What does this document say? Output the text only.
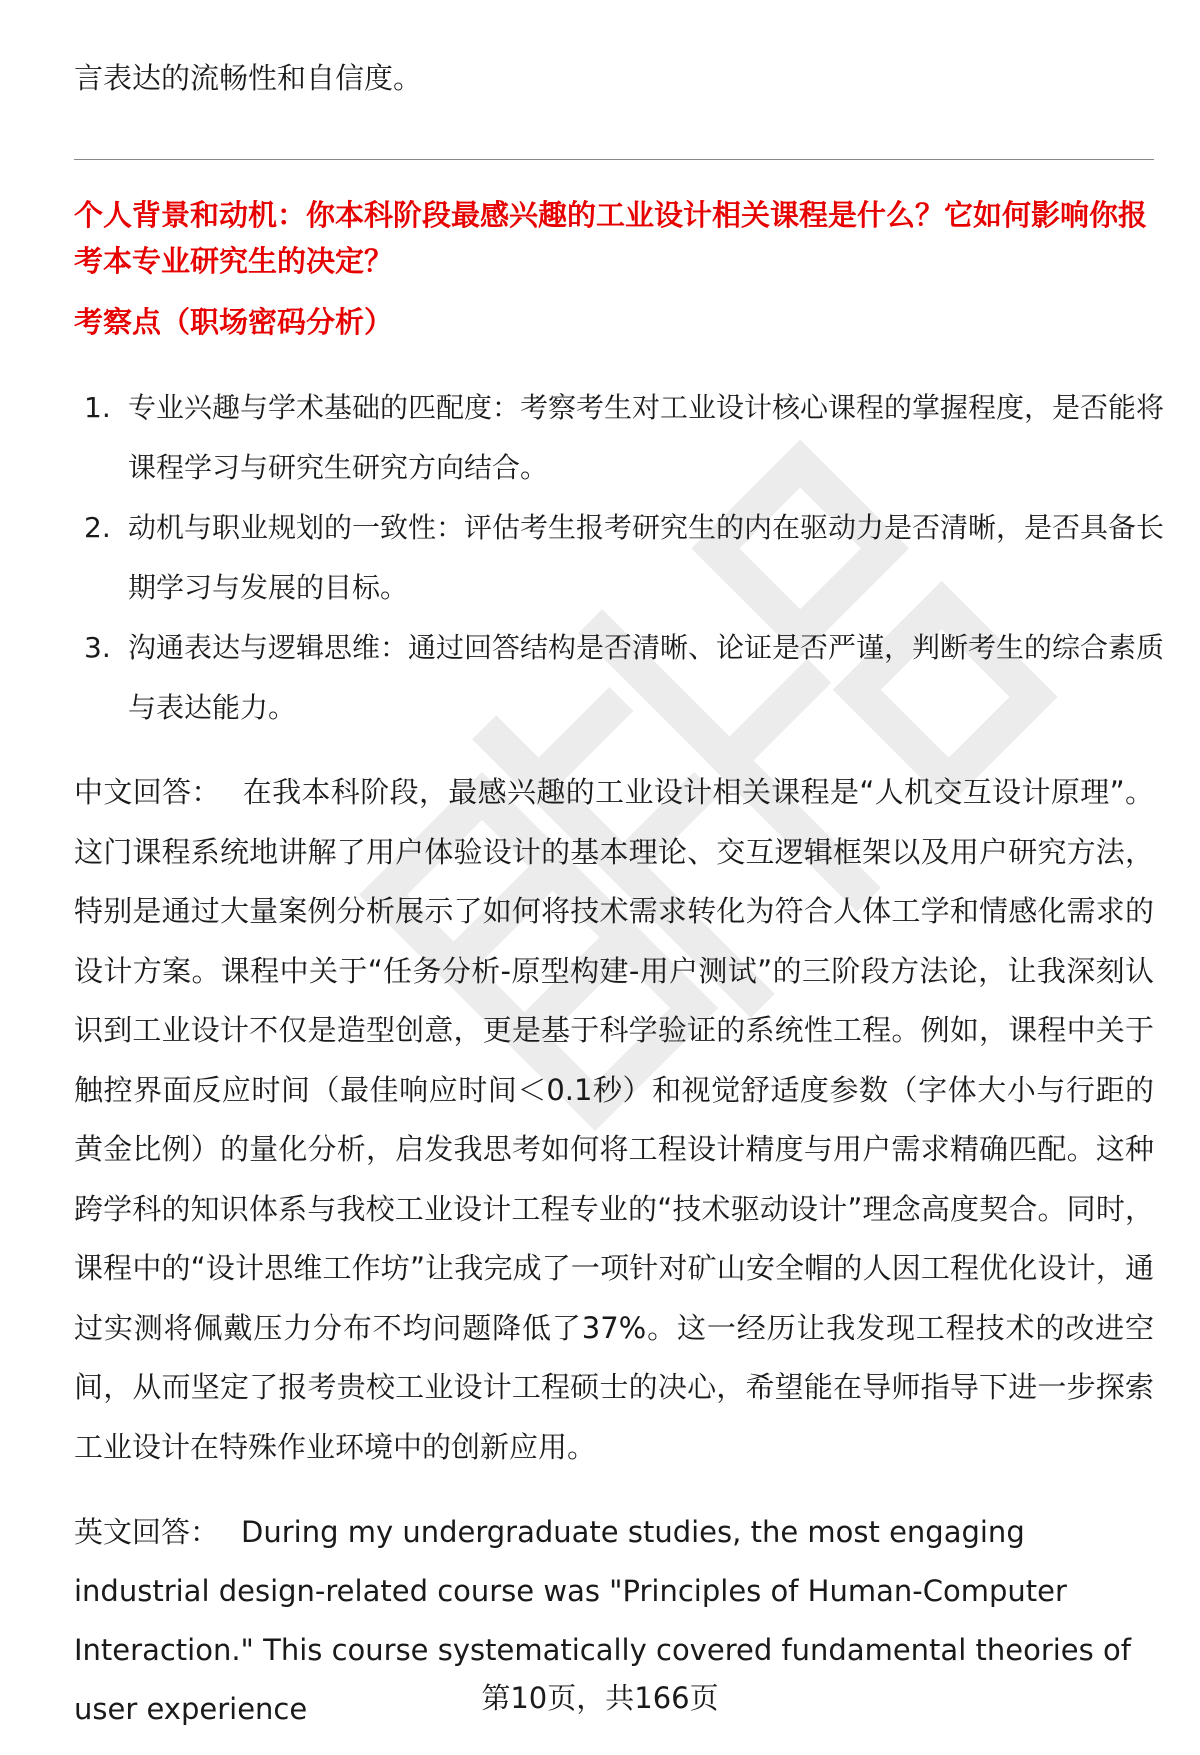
言表达的流畅性和自信度。
个人背景和动机：你本科阶段最感兴趣的工业设计相关课程是什么？它如何影响你报考本专业研究生的决定？
考察点（职场密码分析）
1. 专业兴趣与学术基础的匹配度：考察考生对工业设计核心课程的掌握程度，是否能将课程学习与研究生研究方向结合。
2. 动机与职业规划的一致性：评估考生报考研究生的内在驱动力是否清晰，是否具备长期学习与发展的目标。
3. 沟通表达与逻辑思维：通过回答结构是否清晰、论证是否严谨，判断考生的综合素质与表达能力。
中文回答： 在我本科阶段，最感兴趣的工业设计相关课程是“人机交互设计原理”。这门课程系统地讲解了用户体验设计的基本理论、交互逻辑框架以及用户研究方法，特别是通过大量案例分析展示了如何将技术需求转化为符合人体工学和情感化需求的设计方案。课程中关于“任务分析-原型构建-用户测试”的三阶段方法论，让我深刻认识到工业设计不仅是造型创意，更是基于科学验证的系统性工程。例如，课程中关于触控界面反应时间（最佳响应时间＜0.1秒）和视觉舒适度参数（字体大小与行距的黄金比例）的量化分析，启发我思考如何将工程设计精度与用户需求精确匹配。这种跨学科的知识体系与我校工业设计工程专业的“技术驱动设计”理念高度契合。同时，课程中的“设计思维工作坊”让我完成了一项针对矿山安全帽的人因工程优化设计，通过实测将佩戴压力分布不均问题降低了37%。这一经历让我发现工程技术的改进空间，从而坚定了报考贵校工业设计工程硕士的决心，希望能在导师指导下进一步探索工业设计在特殊作业环境中的创新应用。
英文回答： During my undergraduate studies, the most engaging industrial design-related course was "Principles of Human-Computer Interaction." This course systematically covered fundamental theories of user experience	第10页，共166页
